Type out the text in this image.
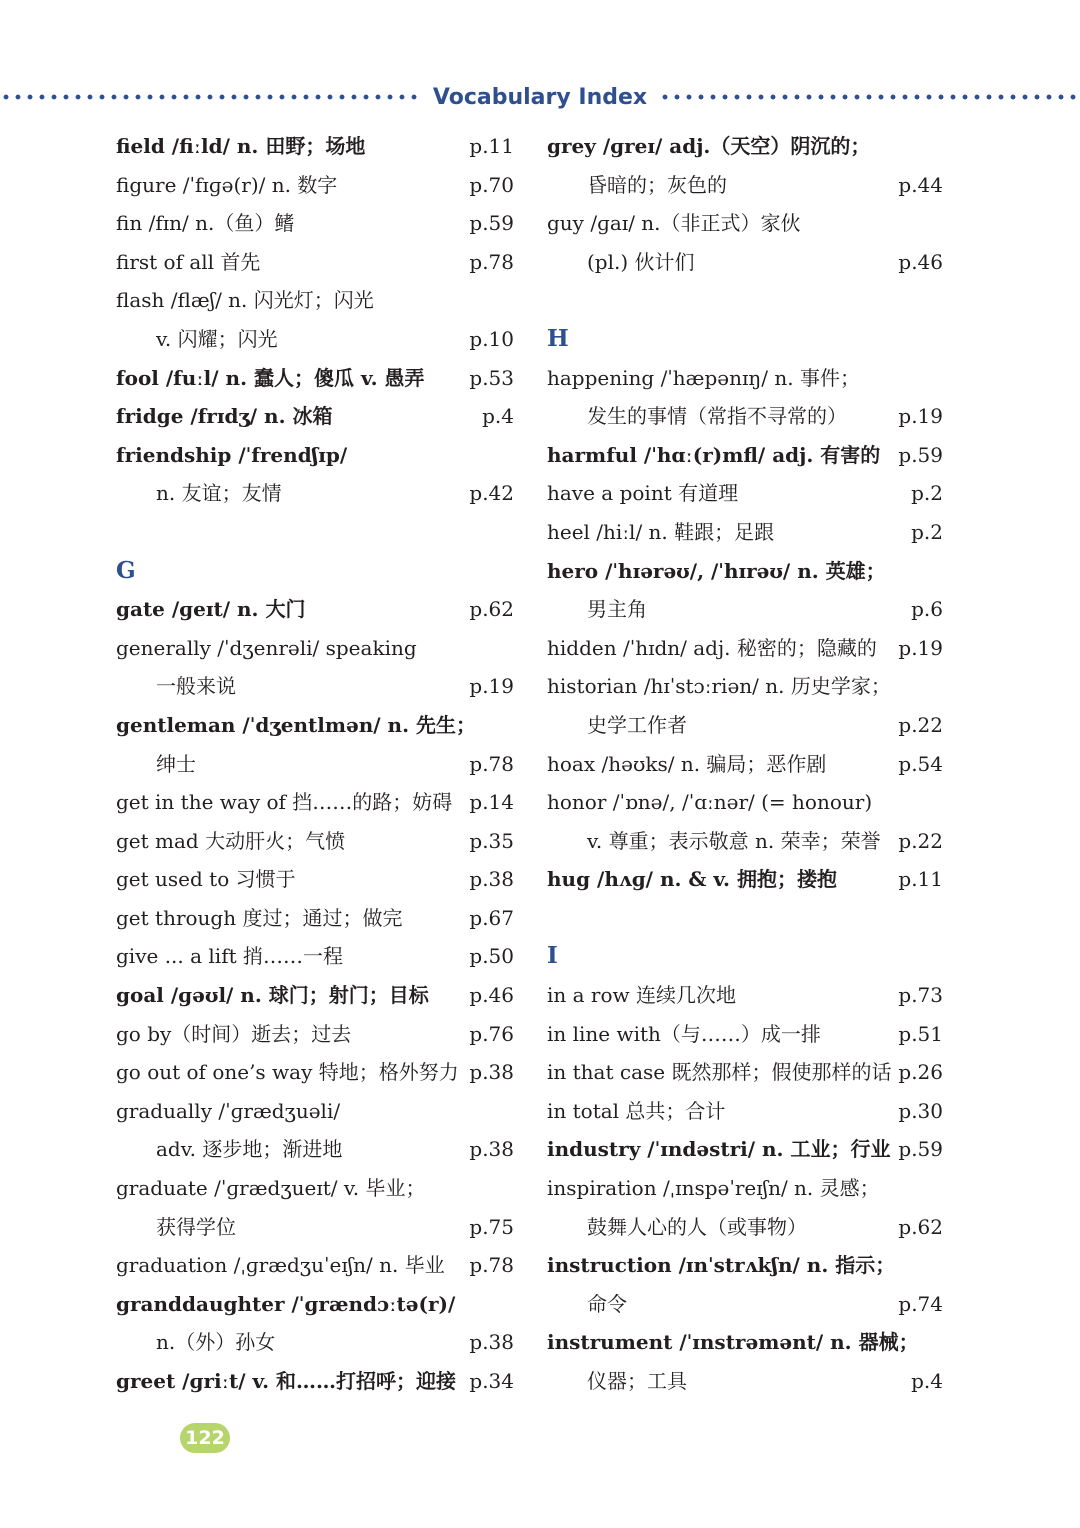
Vocabulary Index
field /fiːld/ n. 田野；场地	p.11
figure /ˈfɪɡə(r)/ n. 数字	p.70
fin /fɪn/ n.（鱼）鳍	p.59
first of all 首先	p.78
flash /flæʃ/ n. 闪光灯；闪光
v. 闪耀；闪光	p.10
fool /fuːl/ n. 蠢人；傻瓜 v. 愚弄 p.53
fridge /frɪdʒ/ n. 冰箱	p.4
friendship /ˈfrendʃɪp/
n. 友谊；友情	p.42
G
gate /ɡeɪt/ n. 大门	p.62
generally /ˈdʒenrəli/ speaking
一般来说	p.19
gentleman /ˈdʒentlmən/ n. 先生；
绅士	p.78
get in the way of 挡……的路；妨碍 p.14
get mad 大动肝火；气愤	p.35
get used to 习惯于	p.38
get through 度过；通过；做完	p.67
give ... a lift 捎……一程	p.50
goal /ɡəʊl/ n. 球门；射门；目标 p.46
go by（时间）逝去；过去	p.76
go out of one’s way 特地；格外努力 p.38
gradually /ˈɡrædʒuəli/
adv. 逐步地；渐进地	p.38
graduate /ˈɡrædʒueɪt/ v. 毕业；
获得学位	p.75
graduation /ˌɡrædʒuˈeɪʃn/ n. 毕业 p.78
granddaughter /ˈɡrændɔːtə(r)/
n.（外）孙女	p.38
greet /ɡriːt/ v. 和……打招呼；迎接 p.34
grey /ɡreɪ/ adj.（天空）阴沉的；
昏暗的；灰色的	p.44
guy /ɡaɪ/ n.（非正式）家伙
(pl.) 伙计们	p.46
H
happening /ˈhæpənɪŋ/ n. 事件；
发生的事情（常指不寻常的）	p.19
harmful /ˈhɑː(r)mfl/ adj. 有害的 p.59
have a point 有道理	p.2
heel /hiːl/ n. 鞋跟；足跟	p.2
hero /ˈhɪərəʊ/, /ˈhɪrəʊ/ n. 英雄；
男主角	p.6
hidden /ˈhɪdn/ adj. 秘密的；隐藏的 p.19
historian /hɪˈstɔːriən/ n. 历史学家；
史学工作者	p.22
hoax /həʊks/ n. 骗局；恶作剧	p.54
honor /ˈɒnə/, /ˈɑːnər/ (= honour)
v. 尊重；表示敬意 n. 荣幸；荣誉 p.22
hug /hʌɡ/ n. & v. 拥抱；搂抱	p.11
I
in a row 连续几次地	p.73
in line with（与……）成一排	p.51
in that case 既然那样；假使那样的话 p.26
in total 总共；合计	p.30
industry /ˈɪndəstri/ n. 工业；行业 p.59
inspiration /ˌɪnspəˈreɪʃn/ n. 灵感；
鼓舞人心的人（或事物）	p.62
instruction /ɪnˈstrʌkʃn/ n. 指示；
命令	p.74
instrument /ˈɪnstrəmənt/ n. 器械；
仪器；工具	p.4
122
